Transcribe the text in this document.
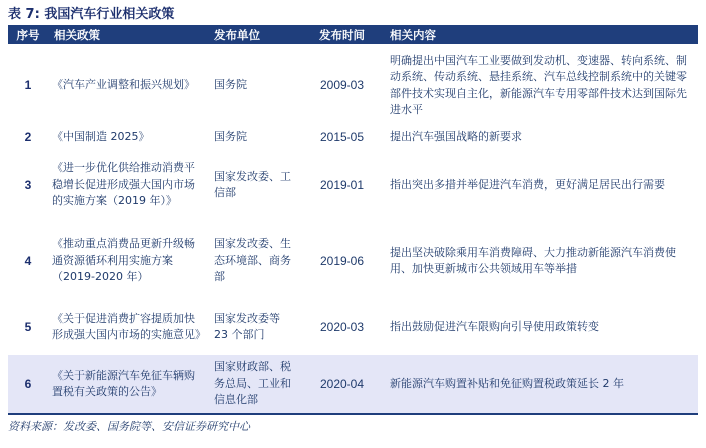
表 7: 我国汽车行业相关政策
序号	相关政策	发布单位	发布时间	相关内容
1	《汽车产业调整和振兴规划》	国务院	2009-03	明确提出中国汽车工业要做到发动机、变速器、转向系统、制动系统、传动系统、悬挂系统、汽车总线控制系统中的关键零部件技术实现自主化，新能源汽车专用零部件技术达到国际先进水平
2	《中国制造 2025》	国务院	2015-05	提出汽车强国战略的新要求
3	《进一步优化供给推动消费平稳增长促进形成强大国内市场的实施方案（2019 年）》	国家发改委、工信部	2019-01	指出突出多措并举促进汽车消费，更好满足居民出行需要
4	《推动重点消费品更新升级畅通资源循环利用实施方案（2019-2020 年）	国家发改委、生态环境部、商务部	2019-06	提出坚决破除乘用车消费障碍、大力推动新能源汽车消费使用、加快更新城市公共领域用车等举措
5	《关于促进消费扩容提质加快形成强大国内市场的实施意见》	国家发改委等 23 个部门	2020-03	指出鼓励促进汽车限购向引导使用政策转变
6	《关于新能源汽车免征车辆购置税有关政策的公告》	国家财政部、税务总局、工业和信息化部	2020-04	新能源汽车购置补贴和免征购置税政策延长 2 年
资料来源：发改委、国务院等、安信证券研究中心
